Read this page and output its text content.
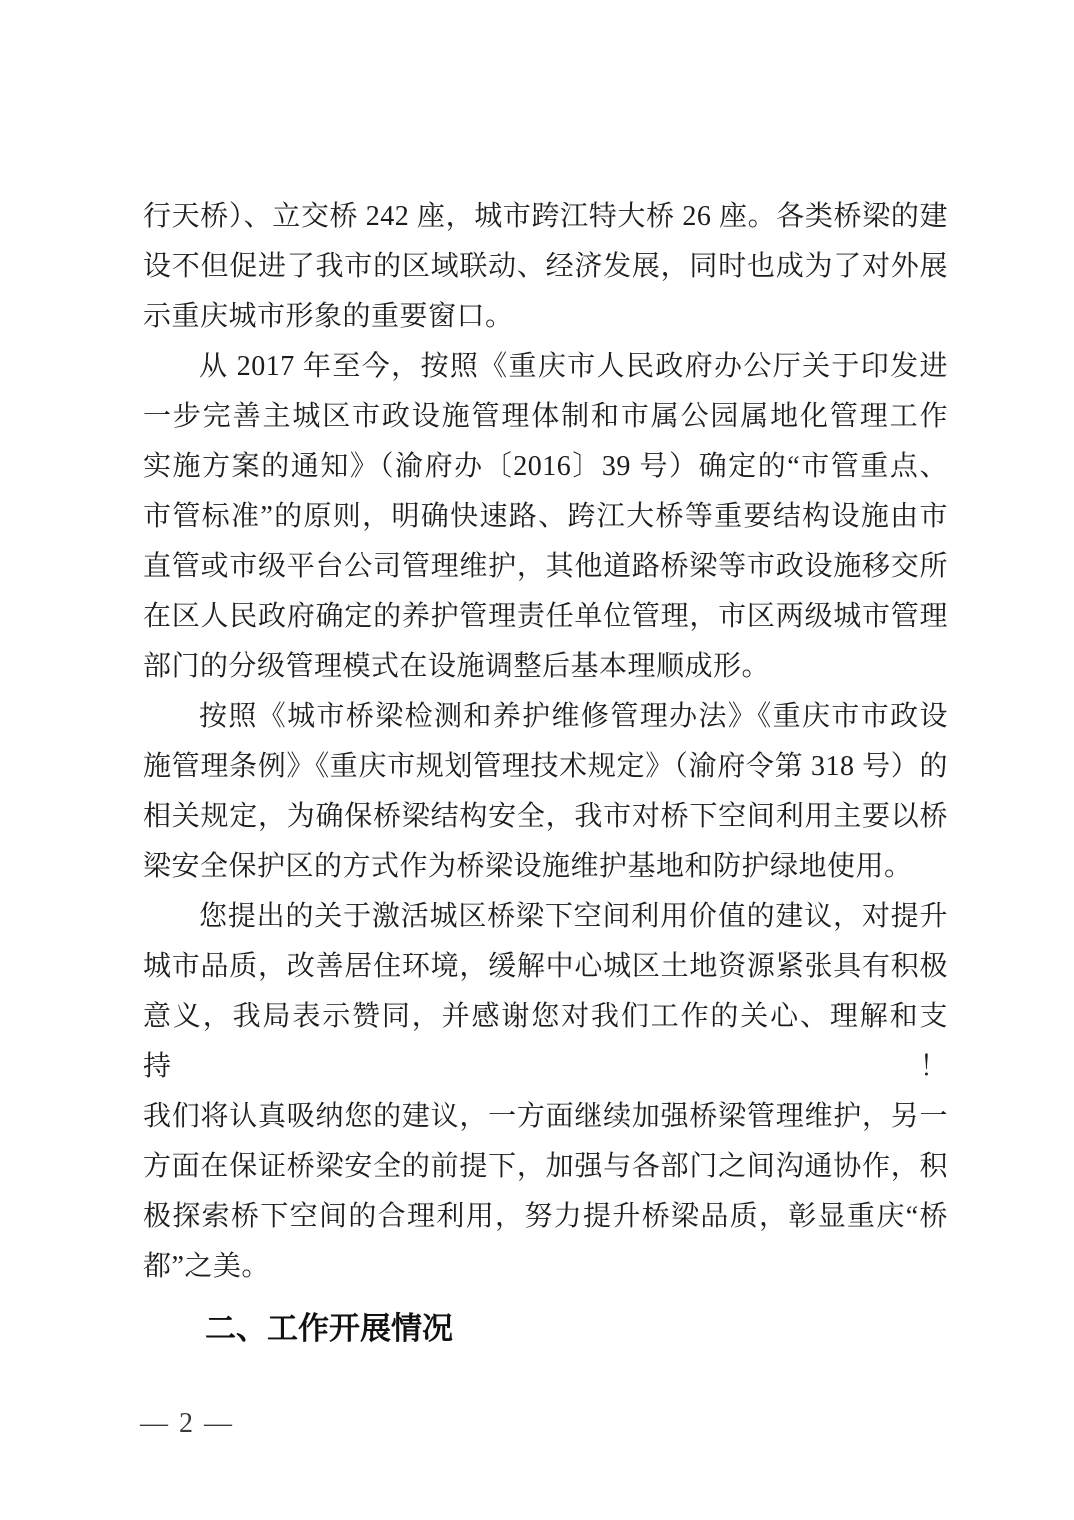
行天桥）、立交桥 242 座，城市跨江特大桥 26 座。各类桥梁的建

设不但促进了我市的区域联动、经济发展，同时也成为了对外展

示重庆城市形象的重要窗口。

从 2017 年至今，按照《重庆市人民政府办公厅关于印发进

一步完善主城区市政设施管理体制和市属公园属地化管理工作

实施方案的通知》（渝府办〔2016〕39 号）确定的“市管重点、

市管标准”的原则，明确快速路、跨江大桥等重要结构设施由市

直管或市级平台公司管理维护，其他道路桥梁等市政设施移交所

在区人民政府确定的养护管理责任单位管理，市区两级城市管理

部门的分级管理模式在设施调整后基本理顺成形。

按照《城市桥梁检测和养护维修管理办法》《重庆市市政设

施管理条例》《重庆市规划管理技术规定》（渝府令第 318 号）的

相关规定，为确保桥梁结构安全，我市对桥下空间利用主要以桥

梁安全保护区的方式作为桥梁设施维护基地和防护绿地使用。

您提出的关于激活城区桥梁下空间利用价值的建议，对提升

城市品质，改善居住环境，缓解中心城区土地资源紧张具有积极

意义，我局表示赞同，并感谢您对我们工作的关心、理解和支持！

我们将认真吸纳您的建议，一方面继续加强桥梁管理维护，另一

方面在保证桥梁安全的前提下，加强与各部门之间沟通协作，积

极探索桥下空间的合理利用，努力提升桥梁品质，彰显重庆“桥

都”之美。

二、工作开展情况

— 2 —
